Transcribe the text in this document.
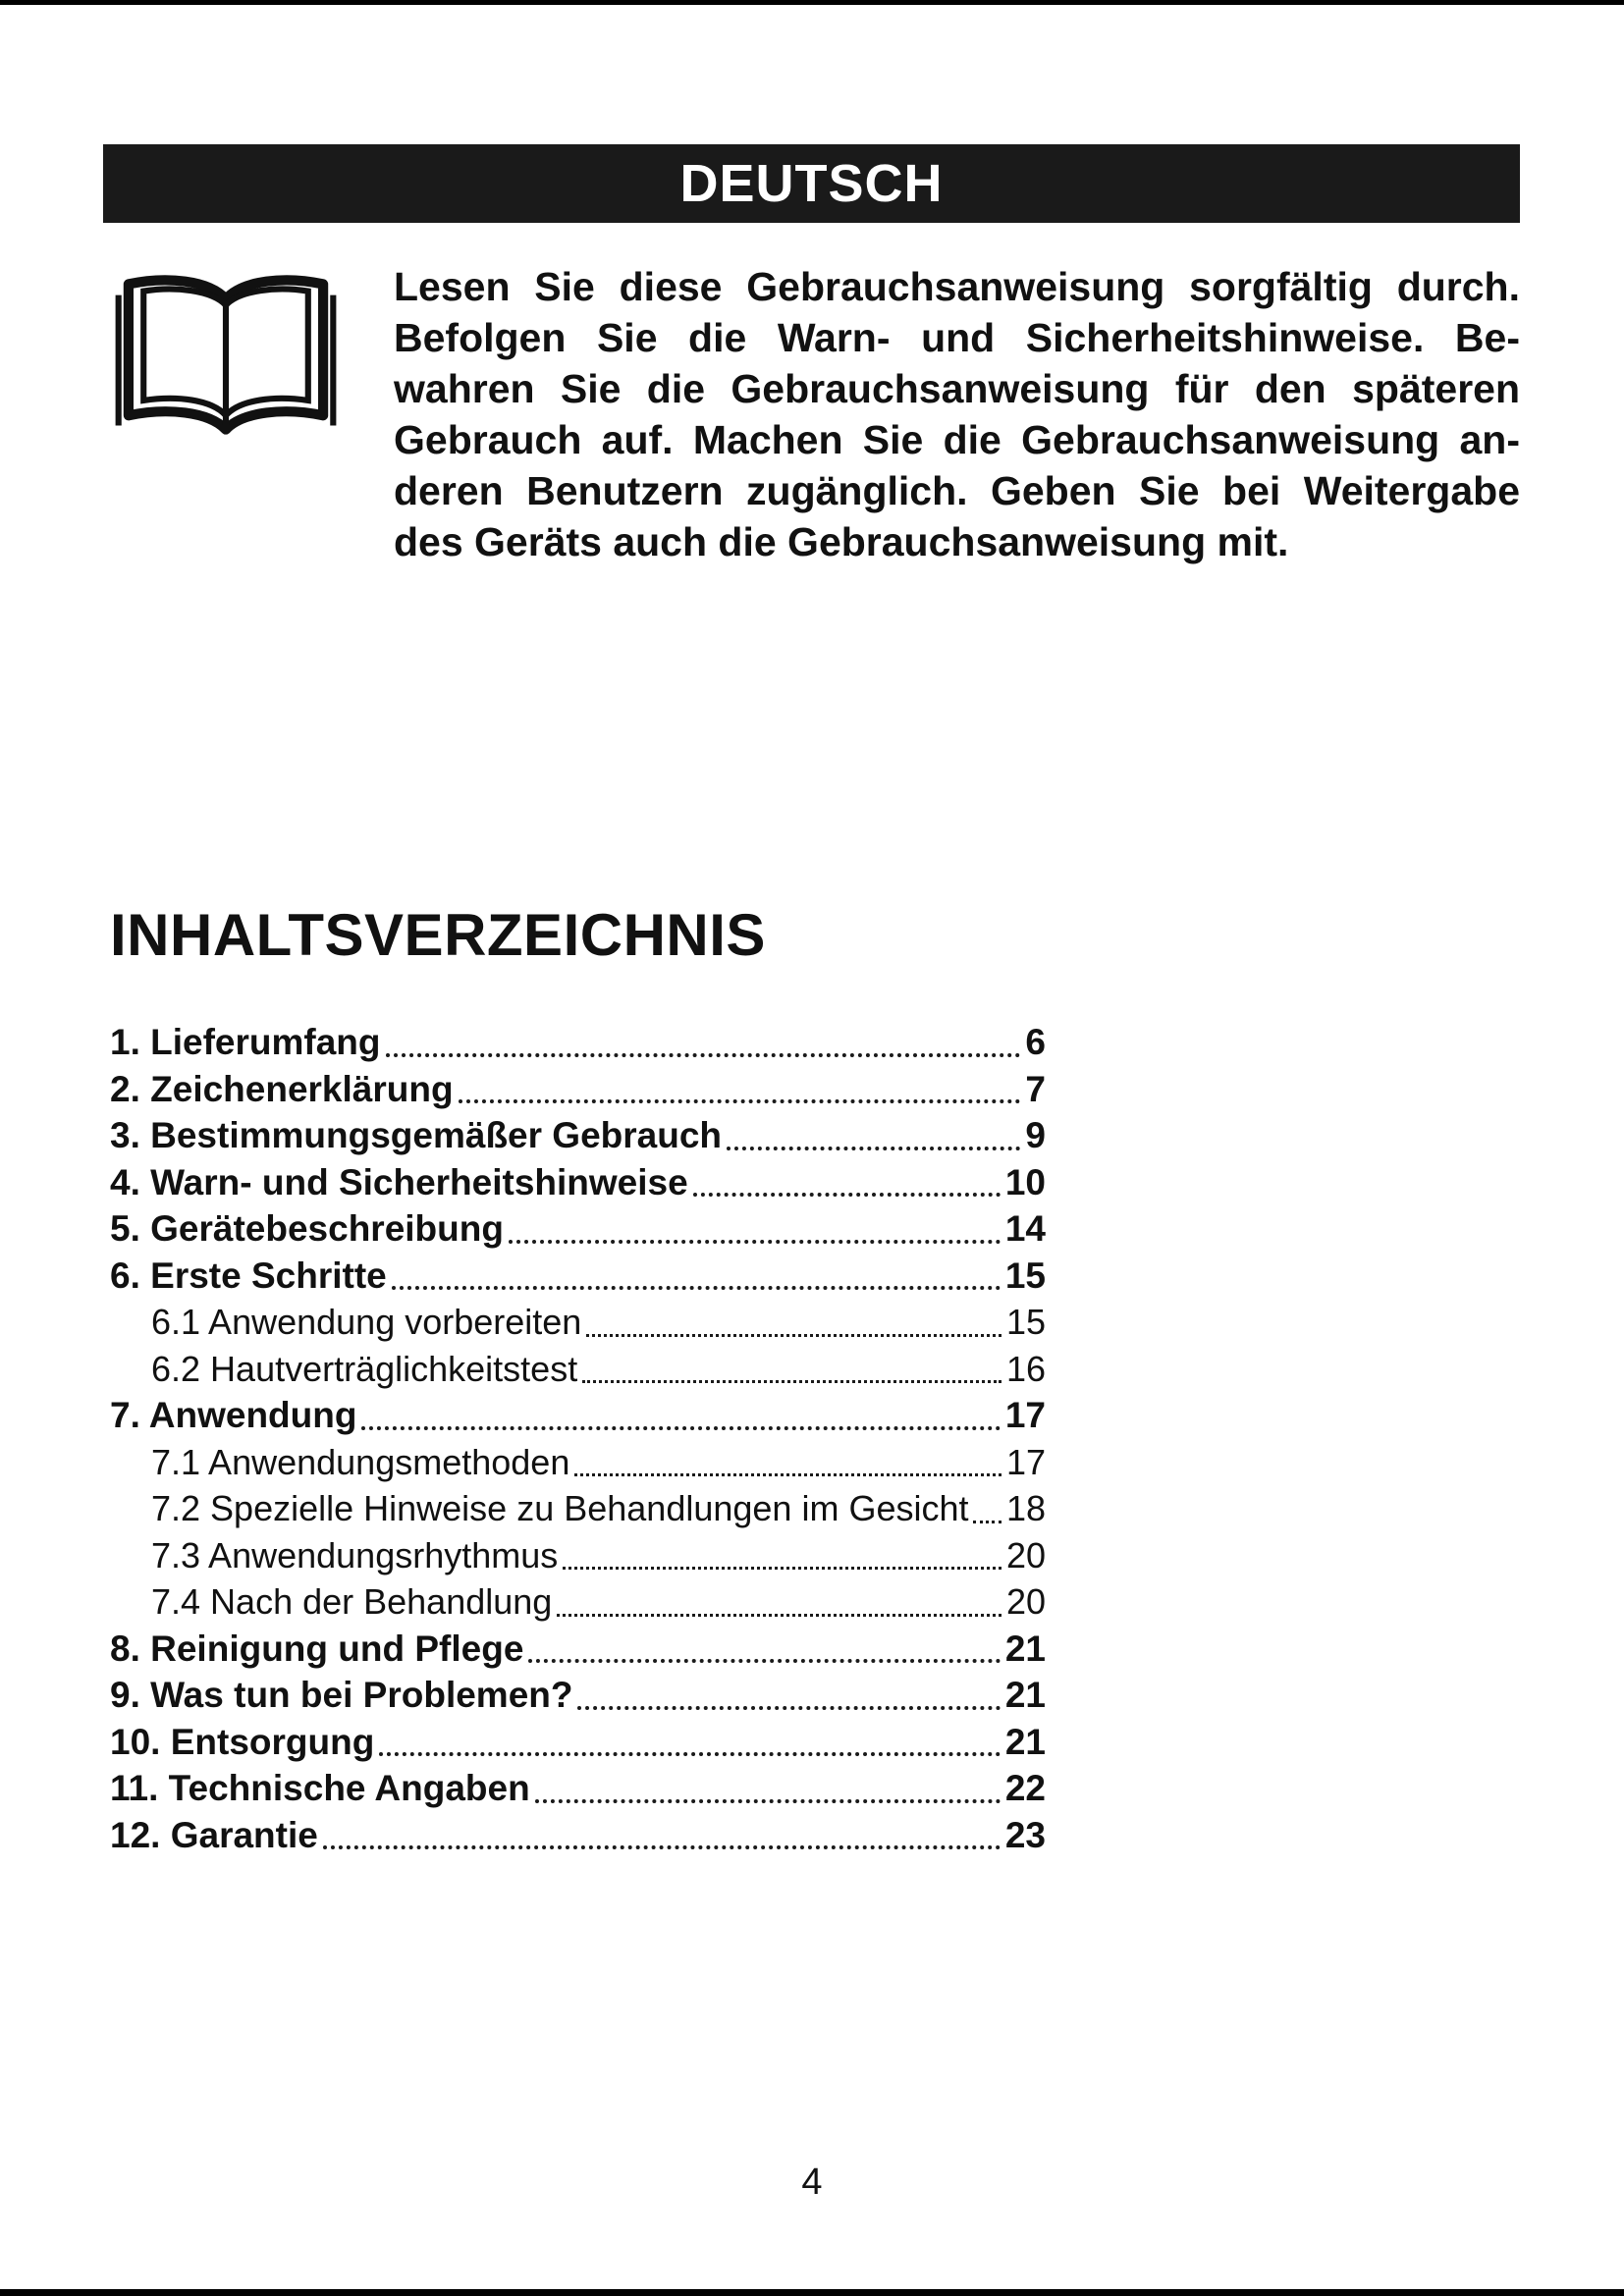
DEUTSCH
Lesen Sie diese Gebrauchsanweisung sorgfältig durch.
Befolgen Sie die Warn- und Sicherheitshinweise. Be-
wahren Sie die Gebrauchsanweisung für den späteren
Gebrauch auf. Machen Sie die Gebrauchsanweisung an-
deren Benutzern zugänglich. Geben Sie bei Weitergabe
des Geräts auch die Gebrauchsanweisung mit.
INHALTSVERZEICHNIS
1. Lieferumfang	6
2. Zeichenerklärung	7
3. Bestimmungsgemäßer Gebrauch	9
4. Warn- und Sicherheitshinweise	10
5. Gerätebeschreibung	14
6. Erste Schritte	15
6.1 Anwendung vorbereiten	15
6.2 Hautverträglichkeitstest	16
7. Anwendung	17
7.1 Anwendungsmethoden	17
7.2 Spezielle Hinweise zu Behandlungen im Gesicht 18
7.3 Anwendungsrhythmus	20
7.4 Nach der Behandlung	20
8. Reinigung und Pflege	21
9. Was tun bei Problemen?	21
10. Entsorgung	21
11. Technische Angaben	22
12. Garantie	23
4
